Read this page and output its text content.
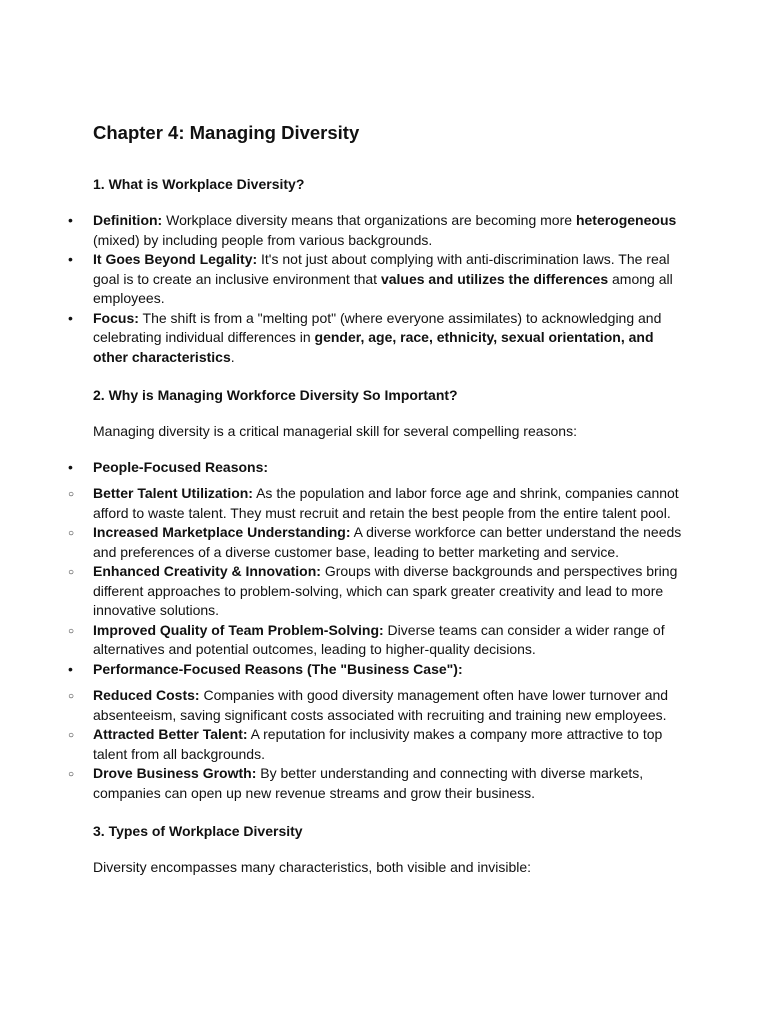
Chapter 4: Managing Diversity
1. What is Workplace Diversity?
• Definition: Workplace diversity means that organizations are becoming more heterogeneous (mixed) by including people from various backgrounds.
• It Goes Beyond Legality: It's not just about complying with anti-discrimination laws. The real goal is to create an inclusive environment that values and utilizes the differences among all employees.
• Focus: The shift is from a "melting pot" (where everyone assimilates) to acknowledging and celebrating individual differences in gender, age, race, ethnicity, sexual orientation, and other characteristics.
2. Why is Managing Workforce Diversity So Important?

Managing diversity is a critical managerial skill for several compelling reasons:

• People-Focused Reasons:
○ Better Talent Utilization: As the population and labor force age and shrink, companies cannot afford to waste talent. They must recruit and retain the best people from the entire talent pool.
○ Increased Marketplace Understanding: A diverse workforce can better understand the needs and preferences of a diverse customer base, leading to better marketing and service.
○ Enhanced Creativity & Innovation: Groups with diverse backgrounds and perspectives bring different approaches to problem-solving, which can spark greater creativity and lead to more innovative solutions.
○ Improved Quality of Team Problem-Solving: Diverse teams can consider a wider range of alternatives and potential outcomes, leading to higher-quality decisions.
• Performance-Focused Reasons (The "Business Case"):
○ Reduced Costs: Companies with good diversity management often have lower turnover and absenteeism, saving significant costs associated with recruiting and training new employees.
○ Attracted Better Talent: A reputation for inclusivity makes a company more attractive to top talent from all backgrounds.
○ Drove Business Growth: By better understanding and connecting with diverse markets, companies can open up new revenue streams and grow their business.
3. Types of Workplace Diversity

Diversity encompasses many characteristics, both visible and invisible:
